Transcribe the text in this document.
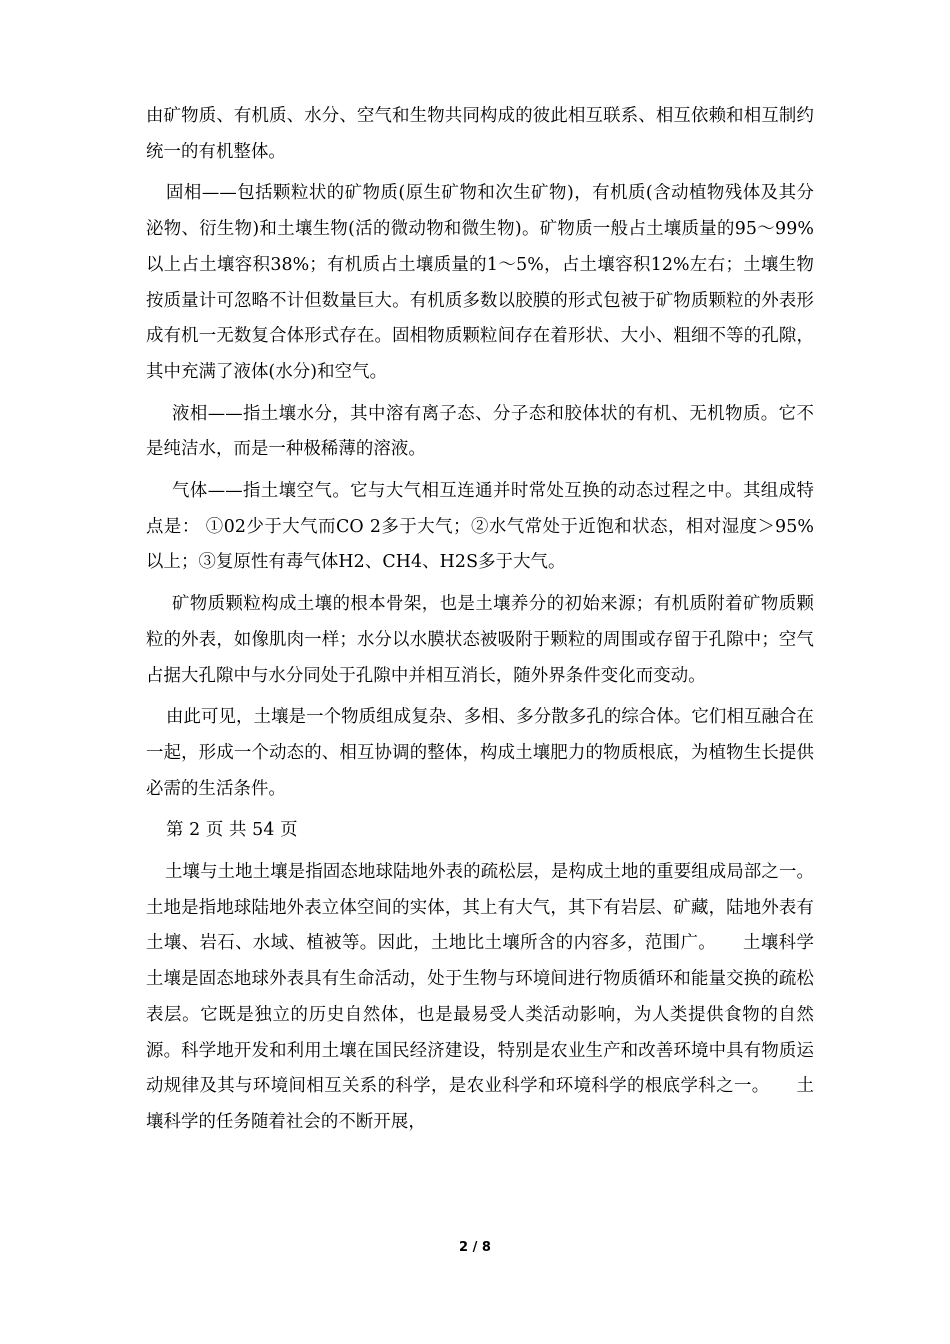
由矿物质、有机质、水分、空气和生物共同构成的彼此相互联系、相互依赖和相互制约统一的有机整体。

固相——包括颗粒状的矿物质(原生矿物和次生矿物)，有机质(含动植物残体及其分泌物、衍生物)和土壤生物(活的微动物和微生物)。矿物质一般占土壤质量的95～99%以上占土壤容积38%；有机质占土壤质量的1～5%，占土壤容积12%左右；土壤生物按质量计可忽略不计但数量巨大。有机质多数以胶膜的形式包被于矿物质颗粒的外表形成有机一无数复合体形式存在。固相物质颗粒间存在着形状、大小、粗细不等的孔隙，其中充满了液体(水分)和空气。

液相——指土壤水分，其中溶有离子态、分子态和胶体状的有机、无机物质。它不是纯洁水，而是一种极稀薄的溶液。

气体——指土壤空气。它与大气相互连通并时常处互换的动态过程之中。其组成特点是： ①02少于大气而CO 2多于大气；②水气常处于近饱和状态，相对湿度＞95%以上；③复原性有毒气体H2、CH4、H2S多于大气。

矿物质颗粒构成土壤的根本骨架，也是土壤养分的初始来源；有机质附着矿物质颗粒的外表，如像肌肉一样；水分以水膜状态被吸附于颗粒的周围或存留于孔隙中；空气占据大孔隙中与水分同处于孔隙中并相互消长，随外界条件变化而变动。

由此可见，土壤是一个物质组成复杂、多相、多分散多孔的综合体。它们相互融合在一起，形成一个动态的、相互协调的整体，构成土壤肥力的物质根底，为植物生长提供必需的生活条件。

第 2 页 共 54 页

土壤与土地土壤是指固态地球陆地外表的疏松层，是构成土地的重要组成局部之一。土地是指地球陆地外表立体空间的实体，其上有大气，其下有岩层、矿藏，陆地外表有土壤、岩石、水域、植被等。因此，土地比土壤所含的内容多，范围广。　　土壤科学土壤是固态地球外表具有生命活动，处于生物与环境间进行物质循环和能量交换的疏松表层。它既是独立的历史自然体，也是最易受人类活动影响，为人类提供食物的自然源。科学地开发和利用土壤在国民经济建设，特别是农业生产和改善环境中具有物质运动规律及其与环境间相互关系的科学，是农业科学和环境科学的根底学科之一。　　土壤科学的任务随着社会的不断开展，

2 / 8
